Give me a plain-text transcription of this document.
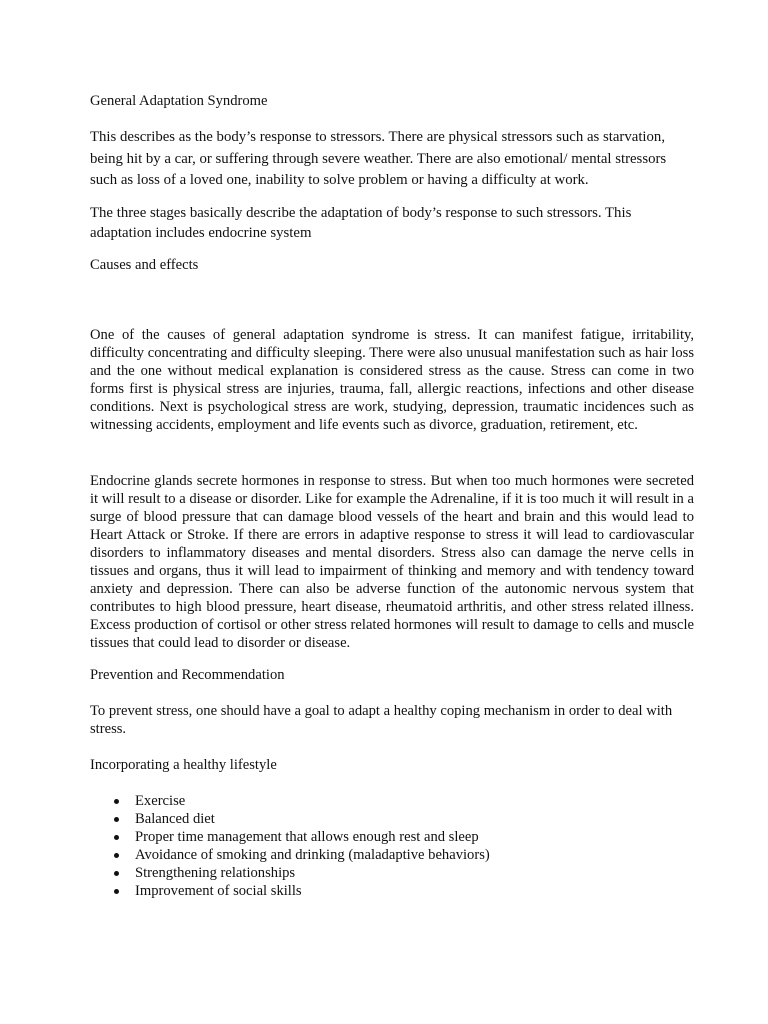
General Adaptation Syndrome

This describes as the body’s response to stressors. There are physical stressors such as starvation, being hit by a car, or suffering through severe weather. There are also emotional/ mental stressors such as loss of a loved one, inability to solve problem or having a difficulty at work.

The three stages basically describe the adaptation of body’s response to such stressors. This adaptation includes endocrine system

Causes and effects

One of the causes of general adaptation syndrome is stress. It can manifest fatigue, irritability, difficulty concentrating and difficulty sleeping. There were also unusual manifestation such as hair loss and the one without medical explanation is considered stress as the cause. Stress can come in two forms first is physical stress are injuries, trauma, fall, allergic reactions, infections and other disease conditions. Next is psychological stress are work, studying, depression, traumatic incidences such as witnessing accidents, employment and life events such as divorce, graduation, retirement, etc.

Endocrine glands secrete hormones in response to stress. But when too much hormones were secreted it will result to a disease or disorder. Like for example the Adrenaline, if it is too much it will result in a surge of blood pressure that can damage blood vessels of the heart and brain and this would lead to Heart Attack or Stroke. If there are errors in adaptive response to stress it will lead to cardiovascular disorders to inflammatory diseases and mental disorders. Stress also can damage the nerve cells in tissues and organs, thus it will lead to impairment of thinking and memory and with tendency toward anxiety and depression. There can also be adverse function of the autonomic nervous system that contributes to high blood pressure, heart disease, rheumatoid arthritis, and other stress related illness. Excess production of cortisol or other stress related hormones will result to damage to cells and muscle tissues that could lead to disorder or disease.

Prevention and Recommendation

To prevent stress, one should have a goal to adapt a healthy coping mechanism in order to deal with stress.

Incorporating a healthy lifestyle

Exercise
Balanced diet
Proper time management that allows enough rest and sleep
Avoidance of smoking and drinking (maladaptive behaviors)
Strengthening relationships
Improvement of social skills
